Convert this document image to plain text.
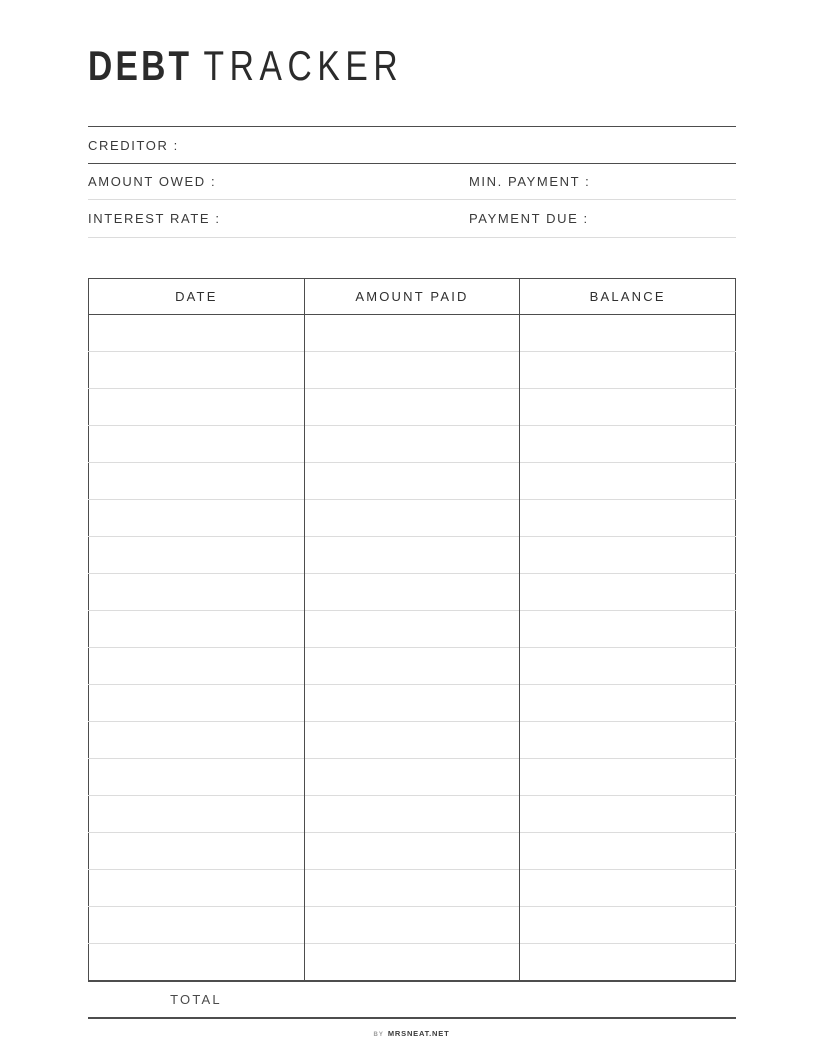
DEBT TRACKER
CREDITOR :
AMOUNT OWED :	MIN. PAYMENT :
INTEREST RATE :	PAYMENT DUE :
DATE	AMOUNT PAID	BALANCE

TOTAL
BY MRSNEAT.NET
